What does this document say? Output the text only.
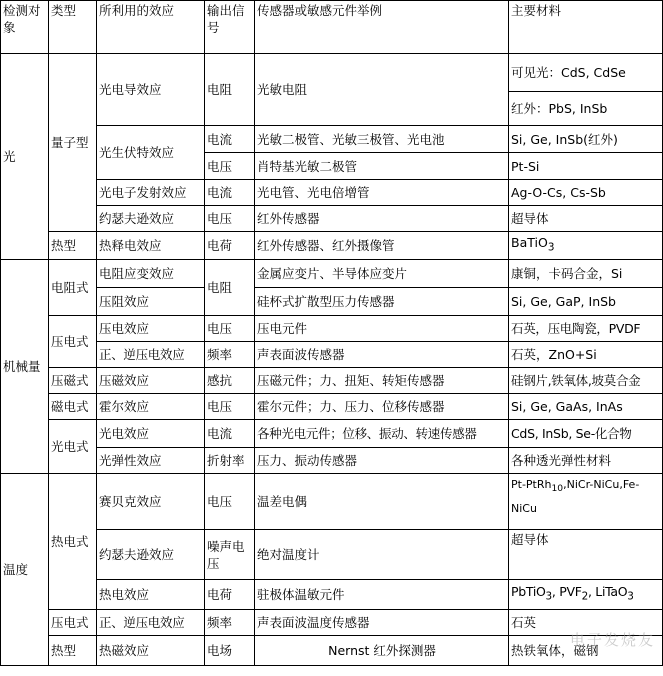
检测对象	类型	所利用的效应	输出信号	传感器或敏感元件举例	主要材料
光	量子型	光电导效应	电阻	光敏电阻	可见光：CdS, CdSe
					红外：PbS, InSb
		光生伏特效应	电流	光敏二极管、光敏三极管、光电池	Si, Ge, InSb(红外)
			电压	肖特基光敏二极管	Pt-Si
		光电子发射效应	电流	光电管、光电倍增管	Ag-O-Cs, Cs-Sb
		约瑟夫逊效应	电压	红外传感器	超导体
	热型	热释电效应	电荷	红外传感器、红外摄像管	BaTiO$_3$
机械量	电阻式	电阻应变效应	电阻	金属应变片、半导体应变片	康铜，卡码合金，Si
		压阻效应		硅杯式扩散型压力传感器	Si, Ge, GaP, InSb
	压电式	压电效应	电压	压电元件	石英，压电陶瓷，PVDF
		正、逆压电效应	频率	声表面波传感器	石英，ZnO+Si
	压磁式	压磁效应	感抗	压磁元件；力、扭矩、转矩传感器	硅钢片,铁氧体,坡莫合金
	磁电式	霍尔效应	电压	霍尔元件；力、压力、位移传感器	Si, Ge, GaAs, InAs
	光电式	光电效应	电流	各种光电元件；位移、振动、转速传感器	CdS, InSb, Se-化合物
		光弹性效应	折射率	压力、振动传感器	各种透光弹性材料
温度	热电式	赛贝克效应	电压	温差电偶	Pt-PtRh$_{10}$,NiCr-NiCu,Fe-NiCu
		约瑟夫逊效应	噪声电压	绝对温度计	超导体
		热电效应	电荷	驻极体温敏元件	PbTiO$_3$, $PVF_2$, LiTaO$_3$
	压电式	正、逆压电效应	频率	声表面波温度传感器	石英
	热型	热磁效应	电场	Nernst 红外探测器	热铁氧体，磁钢
电子发烧友
